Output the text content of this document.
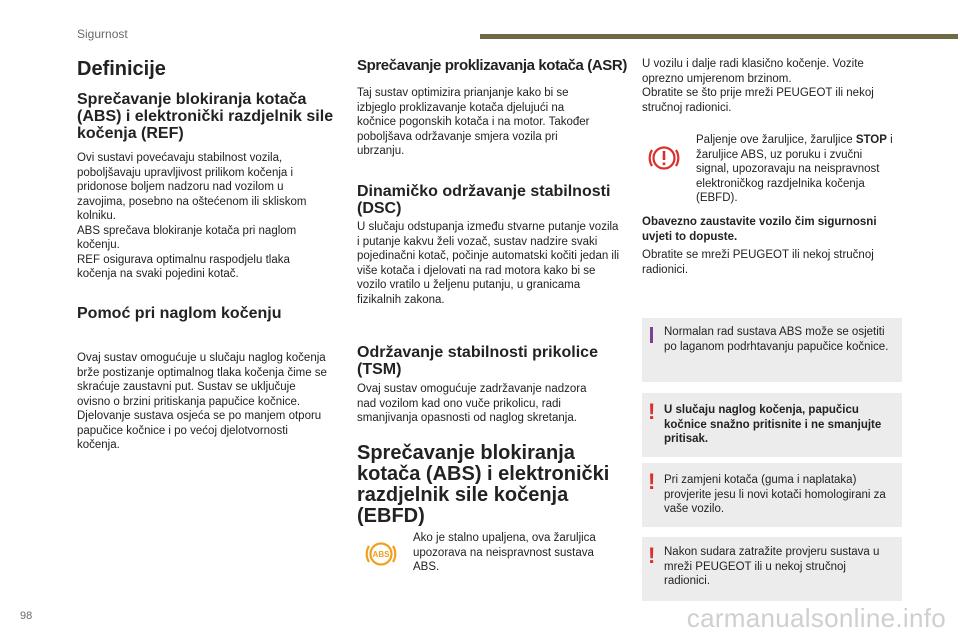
Sigurnost
Definicije
Sprečavanje blokiranja kotača (ABS) i elektronički razdjelnik sile kočenja (REF)

Ovi sustavi povećavaju stabilnost vozila, poboljšavaju upravljivost prilikom kočenja i pridonose boljem nadzoru nad vozilom u zavojima, posebno na oštećenom ili skliskom kolniku.
ABS sprečava blokiranje kotača pri naglom kočenju.
REF osigurava optimalnu raspodjelu tlaka kočenja na svaki pojedini kotač.

Pomoć pri naglom kočenju

Ovaj sustav omogućuje u slučaju naglog kočenja brže postizanje optimalnog tlaka kočenja čime se skraćuje zaustavni put. Sustav se uključuje ovisno o brzini pritiskanja papučice kočnice. Djelovanje sustava osjeća se po manjem otporu papučice kočnice i po većoj djelotvornosti kočenja.

Sprečavanje proklizavanja kotača (ASR)

Taj sustav optimizira prianjanje kako bi se izbjeglo proklizavanje kotača djelujući na kočnice pogonskih kotača i na motor. Također poboljšava održavanje smjera vozila pri ubrzanju.

Dinamičko održavanje stabilnosti (DSC)

U slučaju odstupanja između stvarne putanje vozila i putanje kakvu želi vozač, sustav nadzire svaki pojedinačni kotač, počinje automatski kočiti jedan ili više kotača i djelovati na rad motora kako bi se vozilo vratilo u željenu putanju, u granicama fizikalnih zakona.

Održavanje stabilnosti prikolice (TSM)

Ovaj sustav omogućuje zadržavanje nadzora nad vozilom kad ono vuče prikolicu, radi smanjivanja opasnosti od naglog skretanja.

Sprečavanje blokiranja kotača (ABS) i elektronički razdjelnik sile kočenja (EBFD)
ABS

Ako je stalno upaljena, ova žaruljica upozorava na neispravnost sustava ABS.

U vozilu i dalje radi klasično kočenje. Vozite oprezno umjerenom brzinom.
Obratite se što prije mreži PEUGEOT ili nekoj stručnoj radionici.

Paljenje ove žaruljice, žaruljice STOP i žaruljice ABS, uz poruku i zvučni signal, upozoravaju na neispravnost elektroničkog razdjelnika kočenja (EBFD).

Obavezno zaustavite vozilo čim sigurnosni uvjeti to dopuste.

Obratite se mreži PEUGEOT ili nekoj stručnoj radionici.

Normalan rad sustava ABS može se osjetiti po laganom podrhtavanju papučice kočnice.
! U slučaju naglog kočenja, papučicu kočnice snažno pritisnite i ne smanjujte pritisak.
! Pri zamjeni kotača (guma i naplataka) provjerite jesu li novi kotači homologirani za vaše vozilo.
! Nakon sudara zatražite provjeru sustava u mreži PEUGEOT ili u nekoj stručnoj radionici.
98	carmanualsonline.info
